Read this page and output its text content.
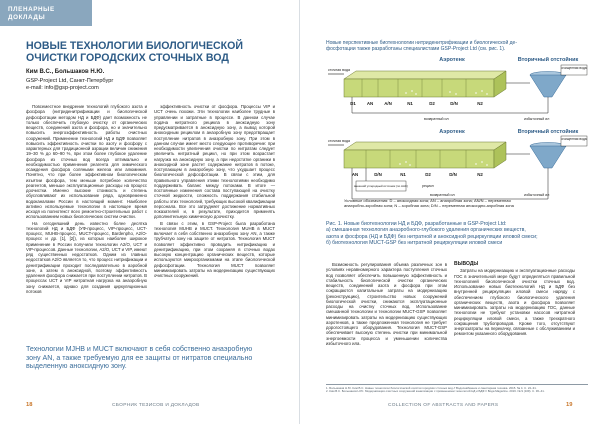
ПЛЕНАРНЫЕ
ДОКЛАДЫ
НОВЫЕ ТЕХНОЛОГИИ БИОЛОГИЧЕСКОЙ
ОЧИСТКИ ГОРОДСКИХ СТОЧНЫХ ВОД
Ким В.С., Большаков Н.Ю.
GSP-Project Ltd, Санкт-Петербург
e-mail: info@gsp-project.com

Повсеместное внедрение технологий глубокого азота и фосфора (нитриденитрификации и биологической дефосфотации методом НД и БДФ) дает возможность не только обеспечить глубокую очистку от органических веществ, соединений азота и фосфора, но и значительно повысить энергоэффективность работы очистных сооружений. Применение технологий НД и БДФ позволяет повысить эффективность очистки по азоту и фосфору с характерных для традиционной аэрации величин снижения 19–30 % до 60–90 %, при этом более глубокое удаление фосфора из сточных вод всегда оптимально и необходимостью применения реагента для химического осаждения фосфора соляными железа или алюминия. Понятно, что при более эффективном биологическом изъятии фосфора, тем меньше потребное количество реагентов, меньше эксплуатационные расходы на процесс доочистки. Именно высокие стоимость и степень обусловливают их использование ряда, одновременно водоканалами России в настоящий момент. Наиболее активно используемые технологии в настоящее время исходя из полнотекст всех ремонтно-строительных работ с использованием новых биологических систем очистки.

На сегодняшний день известно более десятка технологий НД и БДФ (УФ-процесс, VIP-процесс, UCT-процесс, MUHB-процесс, MUCT-процесс, Bardenpho, A2/O-процесс и др. [1], [2]), из которых наиболее широкое применение в России получили технологии A2/O, UCT и VIP-процессов. Данные технологии, A2/O, UCT и VIP, имеют ряд существенных недостатков. Одним из главных недостатков A2/O является то, что процесс нитрификации и денитрификации проходит последовательно в аэробной зоне, а затем в аноксидной, поэтому эффективность удаления фосфора снижается при поступлении нитратов. В процессах UCT и VIP нитратная нагрузка на анаэробную зону снижается, однако для создания циркуляционных потоков

эффективность очистки от фосфора. Процессы VIP и UCT очень похожи. Эти технологии наиболее трудные в управлении и затратные в процессе. В данном случае подача нитратного рецикла в аноксидную зону предусматривается в аноксидную зону, а вывод которой аноксидным рециклом в анаэробную зону предотвращает поступление нитратов в анаэробную зону. При этом в данном случае имеет место следующее противоречие: при необходимости увеличения очистки по нитратам следует увеличить нитратный рецикл, но при этом возрастает нагрузка на аноксидную зону, а при недостатке органики в аноксидной зоне растет содержание нитратов в потоке, поступающем в анаэробную зону, что ухудшает процесс биологической дефосфотации. В связи с этим, для правильного управления этими технологиями необходимо поддерживать баланс между потоками. В итоге — постоянные изменения состава поступающей на очистку сточной жидкости, сложность поддержания стабильной работы этих технологий, требующих высокой квалификации персонала. Все это затрудняет достижение нормативных показателей и, в результате, приходится применять дополнительную химическую доочистку.

В связи с этим, в GSP-Project была разработана технология MUHB и MUCT. Технология MUHB в MUCT включает в себя собственно анаэробную зону AN, а также трубчатую зону на защите от нитратов. Технология МUCT позволяет эффективно проводить нитрификацию и денитрификацию, при этом сохраняя в сточных водах высокую концентрацию органических веществ, которые используются микроорганизмами на этапе биологической дефосфотации. Технология MUCT позволяет минимизировать затраты на модернизацию существующих очистных сооружений.

Технологии MJHB и MUCT включают в себя собственно анаэробную
зону AN, а также требуемую для ее защиты от нитратов специально
выделенную аноксидную зону.
18	СБОРНИК ТЕЗИСОВ И ДОКЛАДОВ
Новые перспективные биотехнологии нитриденитрификации и биологической де-
фосфотации также разработаны специалистами GSP-Project Ltd (см. рис. 1).
Аэротенк	Вторичный отстойник
сточная вода
D1	AN	A/N	N1	D2	D/N	N2
очищенная вода
возвратный ил	избыточный ил
Аэротенк	Вторичный отстойник
сточная вода
AN	D/N	N1	D2	D/N	N2
очищенная вода
внешний углеродный источник (по AAC)
возвратный ил	избыточный ил
рецикл
Условные обозначения: D – аноксидная зона; AN – анаэробная зона; AN/N – переменная
анаэробно-зоробная зона; N – зоробная зона; D/N – переменная аноксидно-аэробная зона
Рис. 1. Новые биотехнологии НД и БДФ, разработанные в GSP-Project Ltd:
а) смешанная технология анаэробного-глубокого удаления органических веществ,
азота и фосфора (НД и БДФ) без нитратной и аноксидной рециркуляции иловой смеси;
б) биотехнология MUCT-GSP без нитратной рециркуляции иловой смеси

Возможность регулирования объема различных зон в условиях неравномерного характера поступления сточных вод позволяет обеспечить повышенную эффективность и стабильность биологической очистки органических веществ, соединений азота и фосфора при этом сокращаются капитальные затраты на модернизацию (реконструкцию), строительство новых сооружений биологической очистки, снижаются эксплуатационные расходы на очистку сточных вод. Использование смешанной технологии и технологии MUCT-GSP позволяет минимизировать затраты на модернизацию существующих аэротенков, а также предложенная технология не требует дорогостоящего оборудования. Технология MUCT-GSP обеспечивает высокую степень очистки при минимальной энергоемкости процесса и уменьшении количества избыточного ила.

ВЫВОДЫ

Затраты на модернизацию и эксплуатационные расходы ГОС в значительной мере будут определяться правильной технологией биологической очистки сточных вод. Использование новых биотехнологий НД и БДФ без внутренней рециркуляции иловой смеси наряду с обеспечением глубокого биологического удаления органических веществ, азота и фосфора позволяет минимизировать затраты на модернизацию ГОС, данные технологии не требуют установки насосов нитратной рециркуляции иловой смеси, а также трехкратного сокращения трубопроводов. Кроме того, отсутствуют энергозатраты на перекачку, связанные с обслуживанием и ремонтом указанного оборудования.

1. Большаков Н.Ю. Ким В.С. Новые технологии биологической очистки городских сточных вод // Водоснабжение и санитарная техника. 2015. № 4. С. 24–31.
2. Ким В.С. Большаков Н.Ю. Модернизация очистных сооружений канализации с применением технологий НД и БДФ // Вода Magazine. 2016. № 9 (109). С. 36–41.
COLLECTION OF ABSTRACTS AND PAPERS	19
